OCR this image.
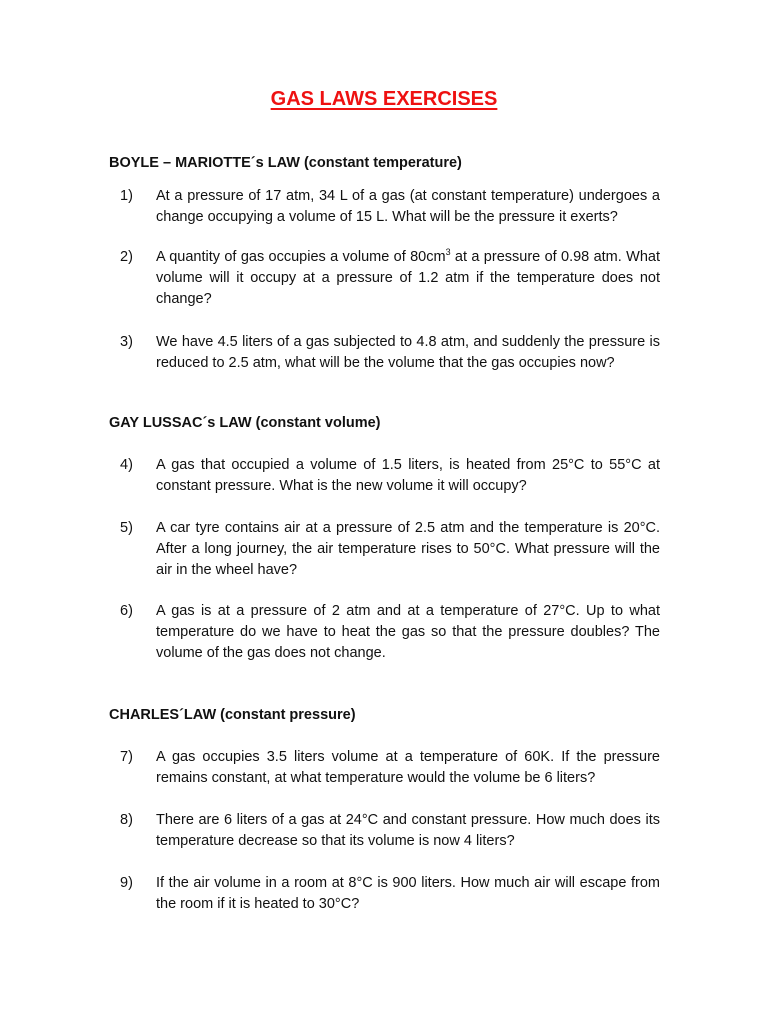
GAS LAWS EXERCISES
BOYLE – MARIOTTE´s LAW (constant temperature)
1)	At a pressure of 17 atm, 34 L of a gas (at constant temperature) undergoes a change occupying a volume of 15 L. What will be the pressure it exerts?
2)	A quantity of gas occupies a volume of $80cm^3$ at a pressure of 0.98 atm. What volume will it occupy at a pressure of 1.2 atm if the temperature does not change?
3)	We have 4.5 liters of a gas subjected to 4.8 atm, and suddenly the pressure is reduced to 2.5 atm, what will be the volume that the gas occupies now?
GAY LUSSAC´s LAW (constant volume)
4)	A gas that occupied a volume of 1.5 liters, is heated from 25°C to 55°C at constant pressure. What is the new volume it will occupy?
5)	A car tyre contains air at a pressure of 2.5 atm and the temperature is 20°C. After a long journey, the air temperature rises to 50°C. What pressure will the air in the wheel have?
6)	A gas is at a pressure of 2 atm and at a temperature of 27°C. Up to what temperature do we have to heat the gas so that the pressure doubles? The volume of the gas does not change.
CHARLES´LAW (constant pressure)
7)	A gas occupies 3.5 liters volume at a temperature of 60K. If the pressure remains constant, at what temperature would the volume be 6 liters?
8)	There are 6 liters of a gas at 24°C and constant pressure. How much does its temperature decrease so that its volume is now 4 liters?
9)	If the air volume in a room at 8°C is 900 liters. How much air will escape from the room if it is heated to 30°C?
